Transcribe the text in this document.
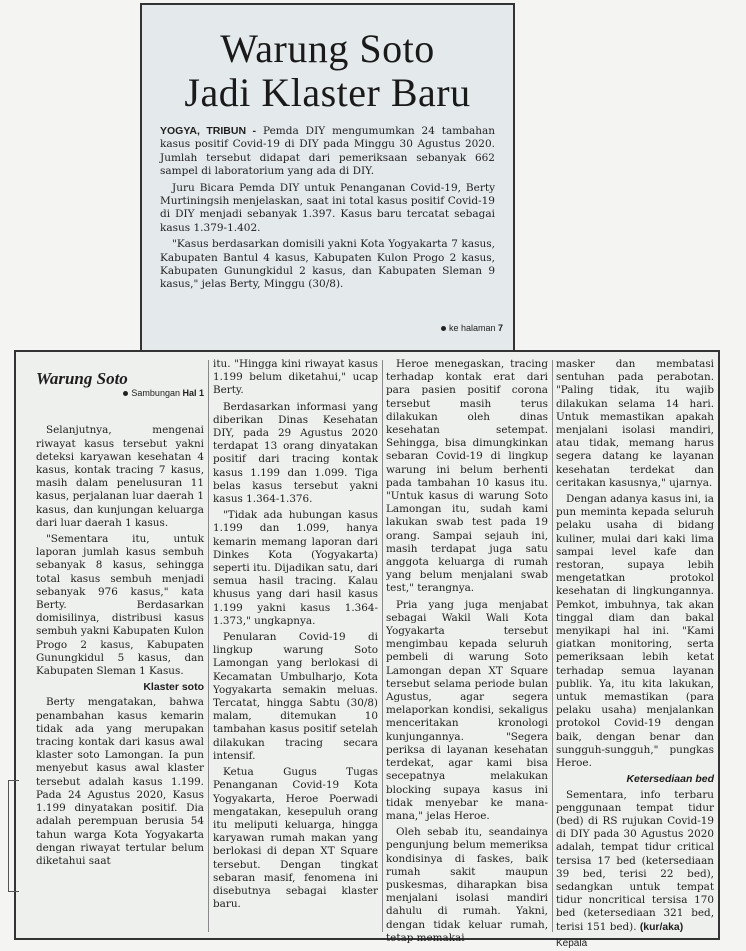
Warung Soto
Jadi Klaster Baru

YOGYA, TRIBUN - Pemda DIY mengumumkan 24 tambahan kasus positif Covid-19 di DIY pada Minggu 30 Agustus 2020. Jumlah tersebut didapat dari pemeriksaan sebanyak 662 sampel di laboratorium yang ada di DIY.

Juru Bicara Pemda DIY untuk Penanganan Covid-19, Berty Murtiningsih menjelaskan, saat ini total kasus positif Covid-19 di DIY menjadi sebanyak 1.397. Kasus baru tercatat sebagai kasus 1.379-1.402.

"Kasus berdasarkan domisili yakni Kota Yogyakarta 7 kasus, Kabupaten Bantul 4 kasus, Kabupaten Kulon Progo 2 kasus, Kabupaten Gunungkidul 2 kasus, dan Kabupaten Sleman 9 kasus," jelas Berty, Minggu (30/8).

ke halaman 7
Warung Soto
Sambungan Hal 1

Selanjutnya, mengenai riwayat kasus tersebut yakni deteksi karyawan kesehatan 4 kasus, kontak tracing 7 kasus, masih dalam penelusuran 11 kasus, perjalanan luar daerah 1 kasus, dan kunjungan keluarga dari luar daerah 1 kasus.

"Sementara itu, untuk laporan jumlah kasus sembuh sebanyak 8 kasus, sehingga total kasus sembuh menjadi sebanyak 976 kasus," kata Berty. Berdasarkan domisilinya, distribusi kasus sembuh yakni Kabupaten Kulon Progo 2 kasus, Kabupaten Gunungkidul 5 kasus, dan Kabupaten Sleman 1 Kasus.

Klaster soto

Berty mengatakan, bahwa penambahan kasus kemarin tidak ada yang merupakan tracing kontak dari kasus awal klaster soto Lamongan. Ia pun menyebut kasus awal klaster tersebut adalah kasus 1.199. Pada 24 Agustus 2020, Kasus 1.199 dinyatakan positif. Dia adalah perempuan berusia 54 tahun warga Kota Yogyakarta dengan riwayat tertular belum diketahui saat

itu. "Hingga kini riwayat kasus 1.199 belum diketahui," ucap Berty.

Berdasarkan informasi yang diberikan Dinas Kesehatan DIY, pada 29 Agustus 2020 terdapat 13 orang dinyatakan positif dari tracing kontak kasus 1.199 dan 1.099. Tiga belas kasus tersebut yakni kasus 1.364-1.376.

"Tidak ada hubungan kasus 1.199 dan 1.099, hanya kemarin memang laporan dari Dinkes Kota (Yogyakarta) seperti itu. Dijadikan satu, dari semua hasil tracing. Kalau khusus yang dari hasil kasus 1.199 yakni kasus 1.364-1.373," ungkapnya.

Penularan Covid-19 di lingkup warung Soto Lamongan yang berlokasi di Kecamatan Umbulharjo, Kota Yogyakarta semakin meluas. Tercatat, hingga Sabtu (30/8) malam, ditemukan 10 tambahan kasus positif setelah dilakukan tracing secara intensif.

Ketua Gugus Tugas Penanganan Covid-19 Kota Yogyakarta, Heroe Poerwadi mengatakan, kesepuluh orang itu meliputi keluarga, hingga karyawan rumah makan yang berlokasi di depan XT Square tersebut. Dengan tingkat sebaran masif, fenomena ini disebutnya sebagai klaster baru.

Heroe menegaskan, tracing terhadap kontak erat dari para pasien positif corona tersebut masih terus dilakukan oleh dinas kesehatan setempat. Sehingga, bisa dimungkinkan sebaran Covid-19 di lingkup warung ini belum berhenti pada tambahan 10 kasus itu. "Untuk kasus di warung Soto Lamongan itu, sudah kami lakukan swab test pada 19 orang. Sampai sejauh ini, masih terdapat juga satu anggota keluarga di rumah yang belum menjalani swab test," terangnya.

Pria yang juga menjabat sebagai Wakil Wali Kota Yogyakarta tersebut mengimbau kepada seluruh pembeli di warung Soto Lamongan depan XT Square tersebut selama periode bulan Agustus, agar segera melaporkan kondisi, sekaligus menceritakan kronologi kunjungannya. "Segera periksa di layanan kesehatan terdekat, agar kami bisa secepatnya melakukan blocking supaya kasus ini tidak menyebar ke mana-mana," jelas Heroe.

Oleh sebab itu, seandainya pengunjung belum memeriksa kondisinya di faskes, baik rumah sakit maupun puskesmas, diharapkan bisa menjalani isolasi mandiri dahulu di rumah. Yakni, dengan tidak keluar rumah, tetap memakai

masker dan membatasi sentuhan pada perabotan. "Paling tidak, itu wajib dilakukan selama 14 hari. Untuk memastikan apakah menjalani isolasi mandiri, atau tidak, memang harus segera datang ke layanan kesehatan terdekat dan ceritakan kasusnya," ujarnya.

Dengan adanya kasus ini, ia pun meminta kepada seluruh pelaku usaha di bidang kuliner, mulai dari kaki lima sampai level kafe dan restoran, supaya lebih mengetatkan protokol kesehatan di lingkungannya. Pemkot, imbuhnya, tak akan tinggal diam dan bakal menyikapi hal ini. "Kami giatkan monitoring, serta pemeriksaan lebih ketat terhadap semua layanan publik. Ya, itu kita lakukan, untuk memastikan (para pelaku usaha) menjalankan protokol Covid-19 dengan baik, dengan benar dan sungguh-sungguh," pungkas Heroe.

Ketersediaan bed

Sementara, info terbaru penggunaan tempat tidur (bed) di RS rujukan Covid-19 di DIY pada 30 Agustus 2020 adalah, tempat tidur critical tersisa 17 bed (ketersediaan 39 bed, terisi 22 bed), sedangkan untuk tempat tidur noncritical tersisa 170 bed (ketersediaan 321 bed, terisi 151 bed). (kur/aka)

Kepala
